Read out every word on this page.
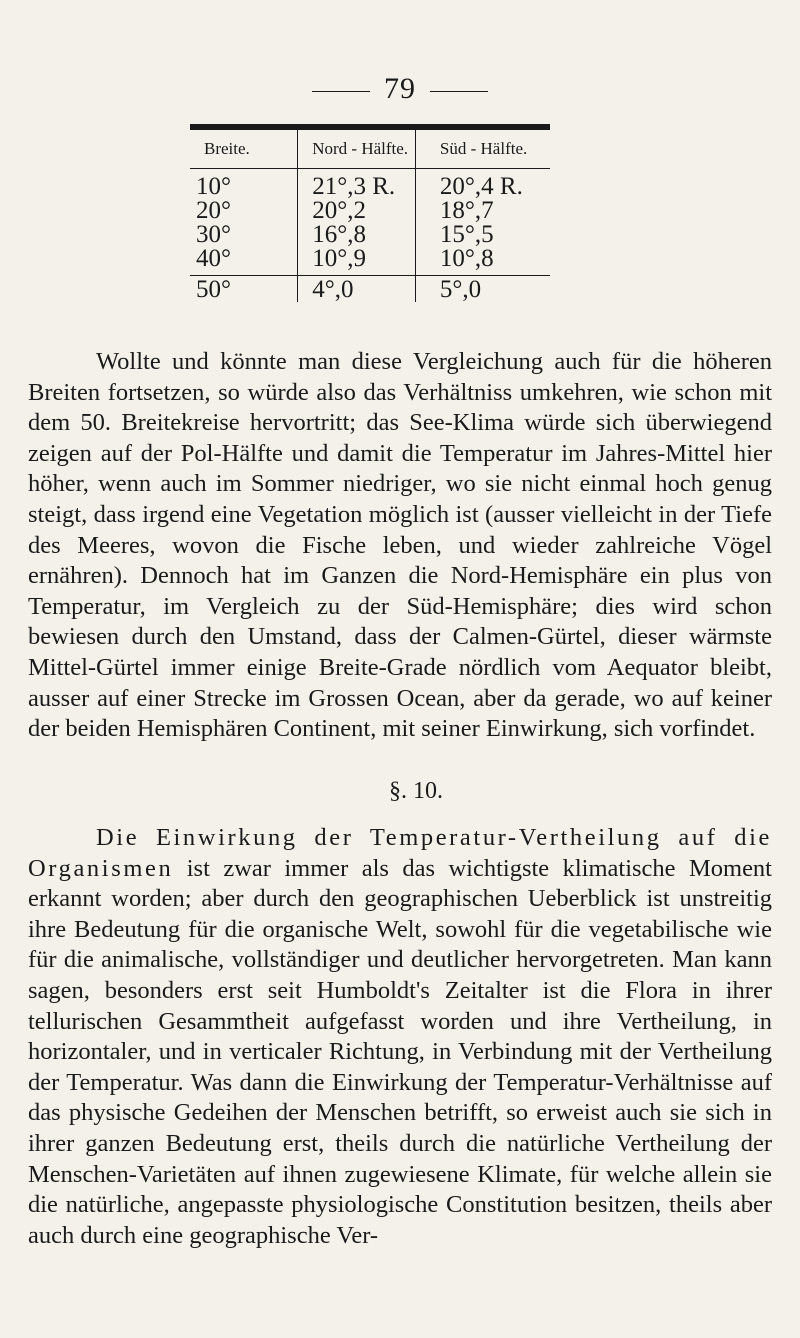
79
Breite.	Nord - Hälfte.	Süd - Hälfte.
10°	21°,3 R.	20°,4 R.
20°	20°,2	18°,7
30°	16°,8	15°,5
40°	10°,9	10°,8
50°	4°,0	5°,0

Wollte und könnte man diese Vergleichung auch für die höheren Breiten fortsetzen, so würde also das Verhältniss umkehren, wie schon mit dem 50. Breitekreise hervortritt; das See-Klima würde sich überwiegend zeigen auf der Pol-Hälfte und damit die Temperatur im Jahres-Mittel hier höher, wenn auch im Sommer niedriger, wo sie nicht einmal hoch genug steigt, dass irgend eine Vegetation möglich ist (ausser vielleicht in der Tiefe des Meeres, wovon die Fische leben, und wieder zahlreiche Vögel ernähren). Dennoch hat im Ganzen die Nord-Hemisphäre ein plus von Temperatur, im Vergleich zu der Süd-Hemisphäre; dies wird schon bewiesen durch den Umstand, dass der Calmen-Gürtel, dieser wärmste Mittel-Gürtel immer einige Breite-Grade nördlich vom Aequator bleibt, ausser auf einer Strecke im Grossen Ocean, aber da gerade, wo auf keiner der beiden Hemisphären Continent, mit seiner Einwirkung, sich vorfindet.

§. 10.

Die Einwirkung der Temperatur-Vertheilung auf die Organismen ist zwar immer als das wichtigste klimatische Moment erkannt worden; aber durch den geographischen Ueberblick ist unstreitig ihre Bedeutung für die organische Welt, sowohl für die vegetabilische wie für die animalische, vollständiger und deutlicher hervorgetreten. Man kann sagen, besonders erst seit Humboldt's Zeitalter ist die Flora in ihrer tellurischen Gesammtheit aufgefasst worden und ihre Vertheilung, in horizontaler, und in verticaler Richtung, in Verbindung mit der Vertheilung der Temperatur. Was dann die Einwirkung der Temperatur-Verhältnisse auf das physische Gedeihen der Menschen betrifft, so erweist auch sie sich in ihrer ganzen Bedeutung erst, theils durch die natürliche Vertheilung der Menschen-Varietäten auf ihnen zugewiesene Klimate, für welche allein sie die natürliche, angepasste physiologische Constitution besitzen, theils aber auch durch eine geographische Ver-
